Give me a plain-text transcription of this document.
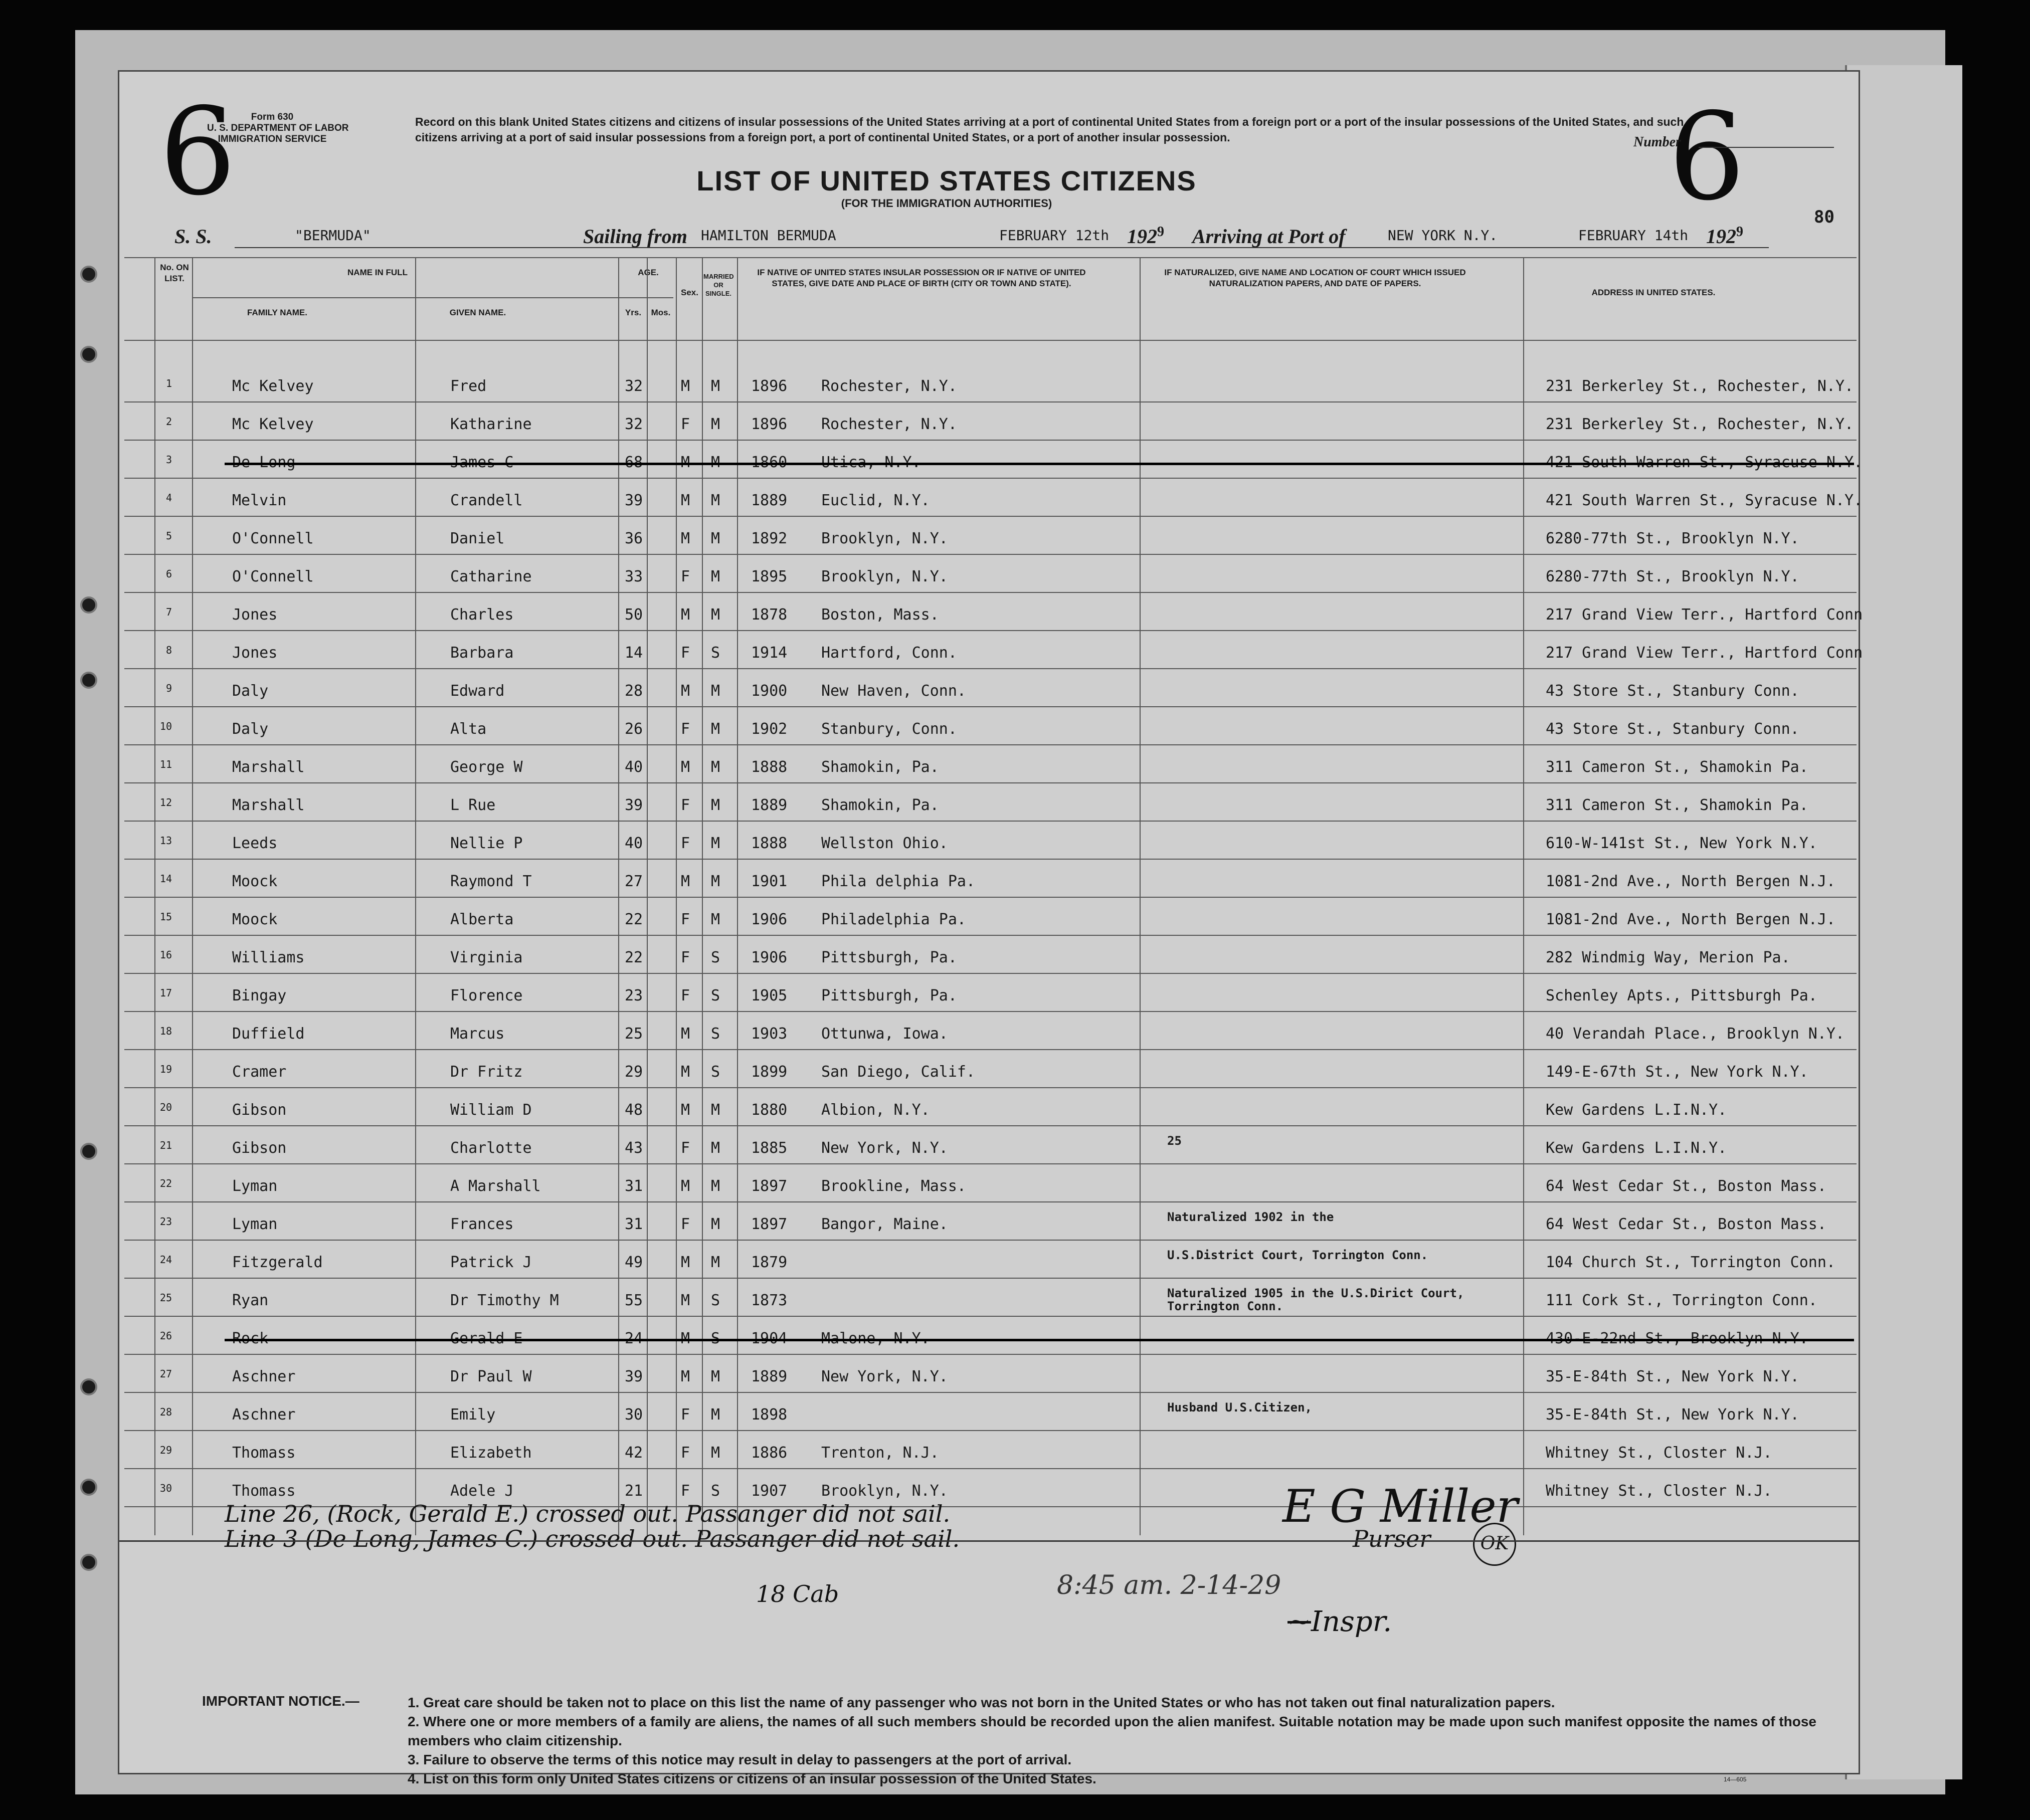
Form 630
U. S. DEPARTMENT OF LABOR
IMMIGRATION SERVICE
6	6
Record on this blank United States citizens and citizens of insular possessions of the United States arriving at a port of continental United States from a foreign port or a port of the insular possessions of the United States, and such citizens arriving at a port of said insular possessions from a foreign port, a port of continental United States, or a port of another insular possession.	Number
80
LIST OF UNITED STATES CITIZENS
(FOR THE IMMIGRATION AUTHORITIES)
S. S.	"BERMUDA"	Sailing from HAMILTON BERMUDA	FEBRUARY 12th $192^9$ Arriving at Port of	NEW YORK N.Y.	FEBRUARY 14th $192^9$
No. ON LIST.
NAME IN FULL
FAMILY NAME.	GIVEN NAME.
AGE.
Yrs.	Mos.
Sex.
MARRIED OR SINGLE.
IF NATIVE OF UNITED STATES INSULAR POSSESSION OR IF NATIVE OF UNITED STATES, GIVE DATE AND PLACE OF BIRTH (CITY OR TOWN AND STATE).
IF NATURALIZED, GIVE NAME AND LOCATION OF COURT WHICH ISSUED NATURALIZATION PAPERS, AND DATE OF PAPERS.
ADDRESS IN UNITED STATES.
1	Mc Kelvey	Fred	32	M M 1896 Rochester, N.Y.	231 Berkerley St., Rochester, N.Y.
2	Mc Kelvey	Katharine	32	F M 1896 Rochester, N.Y.	231 Berkerley St., Rochester, N.Y.
3	De Long	James C	68	M M 1860 Utica, N.Y.	421 South Warren St., Syracuse N.Y.
4	Melvin	Crandell	39	M M 1889 Euclid, N.Y.	421 South Warren St., Syracuse N.Y.
5	O'Connell	Daniel	36	M M 1892 Brooklyn, N.Y.	6280-77th St., Brooklyn N.Y.
6	O'Connell	Catharine	33	F M 1895 Brooklyn, N.Y.	6280-77th St., Brooklyn N.Y.
7	Jones	Charles	50	M M 1878 Boston, Mass.	217 Grand View Terr., Hartford Conn
8	Jones	Barbara	14	F S 1914 Hartford, Conn.	217 Grand View Terr., Hartford Conn
9	Daly	Edward	28	M M 1900 New Haven, Conn.	43 Store St., Stanbury Conn.
10	Daly	Alta	26	F M 1902 Stanbury, Conn.	43 Store St., Stanbury Conn.
11	Marshall	George W	40	M M 1888 Shamokin, Pa.	311 Cameron St., Shamokin Pa.
12	Marshall	L Rue	39	F M 1889 Shamokin, Pa.	311 Cameron St., Shamokin Pa.
13	Leeds	Nellie P	40	F M 1888 Wellston Ohio.	610-W-141st St., New York N.Y.
14	Moock	Raymond T	27	M M 1901 Phila delphia Pa.	1081-2nd Ave., North Bergen N.J.
15	Moock	Alberta	22	F M 1906 Philadelphia Pa.	1081-2nd Ave., North Bergen N.J.
16	Williams	Virginia	22	F S 1906 Pittsburgh, Pa.	282 Windmig Way, Merion Pa.
17	Bingay	Florence	23	F S 1905 Pittsburgh, Pa.	Schenley Apts., Pittsburgh Pa.
18	Duffield	Marcus	25	M S 1903 Ottunwa, Iowa.	40 Verandah Place., Brooklyn N.Y.
19	Cramer	Dr Fritz	29	M S 1899 San Diego, Calif.	149-E-67th St., New York N.Y.
20	Gibson	William D	48	M M 1880 Albion, N.Y.	Kew Gardens L.I.N.Y.
21	Gibson	Charlotte	43	F M 1885 New York, N.Y.	25	Kew Gardens L.I.N.Y.
22	Lyman	A Marshall	31	M M 1897 Brookline, Mass.	64 West Cedar St., Boston Mass.
23	Lyman	Frances	31	F M 1897 Bangor, Maine.	Naturalized 1902 in the	64 West Cedar St., Boston Mass.
24	Fitzgerald	Patrick J	49	M M 1879	U.S.District Court, Torrington Conn.	104 Church St., Torrington Conn.
25	Ryan	Dr Timothy M	55	M S 1873	Naturalized 1905 in the U.S.Dirict Court, Torrington Conn.	111 Cork St., Torrington Conn.
26	Rock	Gerald E	24	M S 1904 Malone, N.Y.	430-E-22nd St., Brooklyn N.Y.
27	Aschner	Dr Paul W	39	M M 1889 New York, N.Y.	35-E-84th St., New York N.Y.
28	Aschner	Emily	30	F M 1898	Husband U.S.Citizen,	35-E-84th St., New York N.Y.
29	Thomass	Elizabeth	42	F M 1886 Trenton, N.J.	Whitney St., Closter N.J.
30	Thomass	Adele J	21	F S 1907 Brooklyn, N.Y.	Whitney St., Closter N.J.
Line 26, (Rock, Gerald E.) crossed out. Passanger did not sail.
Line 3 (De Long, James C.) crossed out. Passanger did not sail.
E G Miller
Purser	OK
18 Cab	8:45 am. 2-14-29
~Inspr.
IMPORTANT NOTICE.—	1. Great care should be taken not to place on this list the name of any passenger who was not born in the United States or who has not taken out final naturalization papers.
2. Where one or more members of a family are aliens, the names of all such members should be recorded upon the alien manifest. Suitable notation may be made upon such manifest opposite the names of those members who claim citizenship.
3. Failure to observe the terms of this notice may result in delay to passengers at the port of arrival.
4. List on this form only United States citizens or citizens of an insular possession of the United States.	14—605
